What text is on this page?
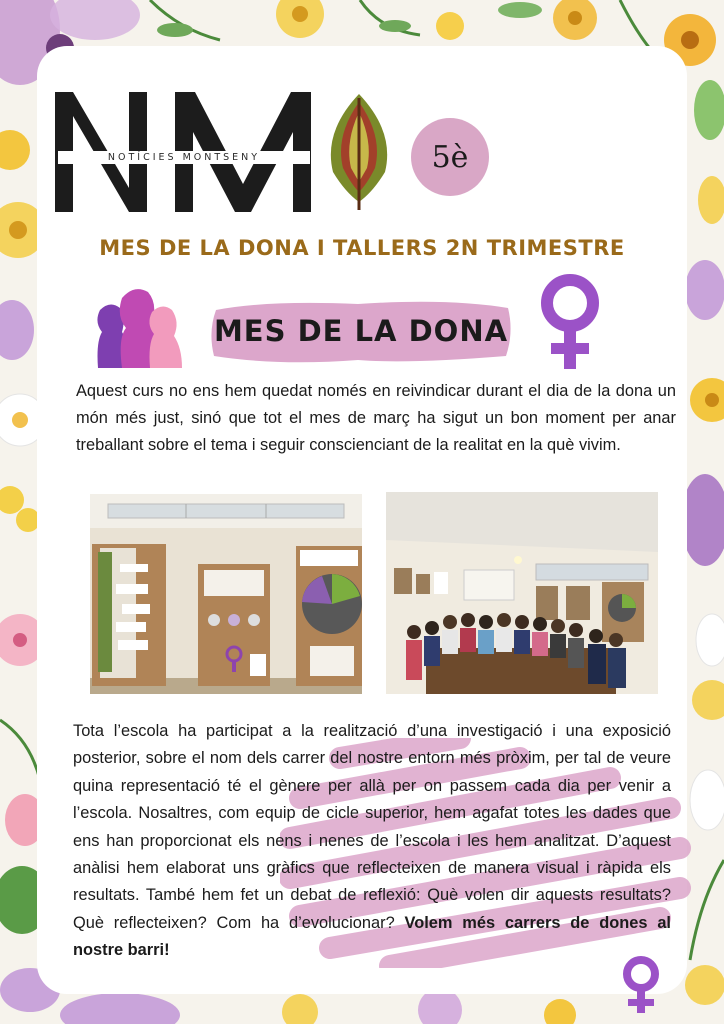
NOTÍCIES MONTSENY	5è
MES DE LA DONA I TALLERS 2N TRIMESTRE
MES DE LA DONA
Aquest curs no ens hem quedat només en reivindicar durant el dia de la dona un món més just, sinó que tot el mes de març ha sigut un bon moment per anar treballant sobre el tema i seguir conscienciant de la realitat en la què vivim.
Tota l’escola ha participat a la realització d’una investigació i una exposició posterior, sobre el nom dels carrer del nostre entorn més pròxim, per tal de veure quina representació té el gènere per allà per on passem cada dia per venir a l’escola. Nosaltres, com equip de cicle superior, hem agafat totes les dades que ens han proporcionat els nens i nenes de l’escola i les hem analitzat. D’aquest anàlisi hem elaborat uns gràfics que reflecteixen de manera visual i ràpida els resultats. També hem fet un debat de reflexió: Què volen dir aquests resultats? Què reflecteixen? Com ha d’evolucionar? Volem més carrers de dones al nostre barri!
